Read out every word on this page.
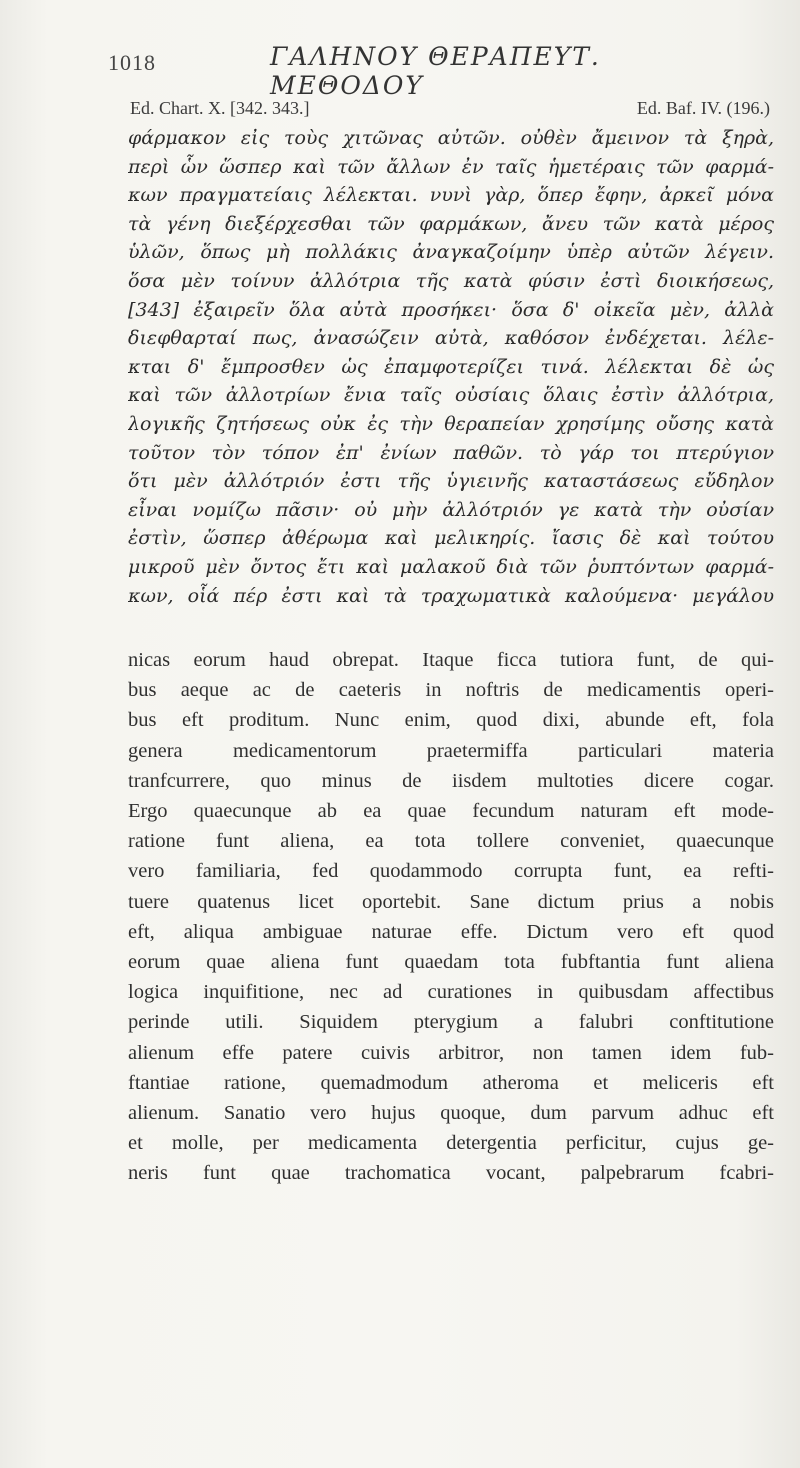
1018	ΓΑΛΗΝΟΥ ΘΕΡΑΠΕΥΤ. ΜΕΘΟΔΟΥ
Ed. Chart. X. [342. 343.]	Ed. Baf. IV. (196.)
φάρμακον εἰς τοὺς χιτῶνας αὐτῶν. οὐθὲν ἄμεινον τὰ ξηρὰ,
περὶ ὧν ὥσπερ καὶ τῶν ἄλλων ἐν ταῖς ἡμετέραις τῶν φαρμά-
κων πραγματείαις λέλεκται. νυνὶ γὰρ, ὅπερ ἔφην, ἀρκεῖ μόνα
τὰ γένη διεξέρχεσθαι τῶν φαρμάκων, ἄνευ τῶν κατὰ μέρος
ὑλῶν, ὅπως μὴ πολλάκις ἀναγκαζοίμην ὑπὲρ αὐτῶν λέγειν.
ὅσα μὲν τοίνυν ἀλλότρια τῆς κατὰ φύσιν ἐστὶ διοικήσεως,
[343] ἐξαιρεῖν ὅλα αὐτὰ προσήκει· ὅσα δ' οἰκεῖα μὲν, ἀλλὰ
διεφθαρταί πως, ἀνασώζειν αὐτὰ, καθόσον ἐνδέχεται. λέλε-
κται δ' ἔμπροσθεν ὡς ἐπαμφοτερίζει τινά. λέλεκται δὲ ὡς
καὶ τῶν ἀλλοτρίων ἔνια ταῖς οὐσίαις ὅλαις ἐστὶν ἀλλότρια,
λογικῆς ζητήσεως οὐκ ἐς τὴν θεραπείαν χρησίμης οὔσης κατὰ
τοῦτον τὸν τόπον ἐπ' ἐνίων παθῶν. τὸ γάρ τοι πτερύγιον
ὅτι μὲν ἀλλότριόν ἐστι τῆς ὑγιεινῆς καταστάσεως εὔδηλον
εἶναι νομίζω πᾶσιν· οὐ μὴν ἀλλότριόν γε κατὰ τὴν οὐσίαν
ἐστὶν, ὥσπερ ἀθέρωμα καὶ μελικηρίς. ἴασις δὲ καὶ τούτου
μικροῦ μὲν ὄντος ἔτι καὶ μαλακοῦ διὰ τῶν ῥυπτόντων φαρμά-
κων, οἷά πέρ ἐστι καὶ τὰ τραχωματικὰ καλούμενα· μεγάλου
nicas eorum haud obrepat. Itaque ficca tutiora funt, de qui-
bus aeque ac de caeteris in noftris de medicamentis operi-
bus eft proditum. Nunc enim, quod dixi, abunde eft, fola
genera medicamentorum praetermiffa particulari materia
tranfcurrere, quo minus de iisdem multoties dicere cogar.
Ergo quaecunque ab ea quae fecundum naturam eft mode-
ratione funt aliena, ea tota tollere conveniet, quaecunque
vero familiaria, fed quodammodo corrupta funt, ea refti-
tuere quatenus licet oportebit. Sane dictum prius a nobis
eft, aliqua ambiguae naturae effe. Dictum vero eft quod
eorum quae aliena funt quaedam tota fubftantia funt aliena
logica inquifitione, nec ad curationes in quibusdam affectibus
perinde utili. Siquidem pterygium a falubri conftitutione
alienum effe patere cuivis arbitror, non tamen idem fub-
ftantiae ratione, quemadmodum atheroma et meliceris eft
alienum. Sanatio vero hujus quoque, dum parvum adhuc eft
et molle, per medicamenta detergentia perficitur, cujus ge-
neris funt quae trachomatica vocant, palpebrarum fcabri-
